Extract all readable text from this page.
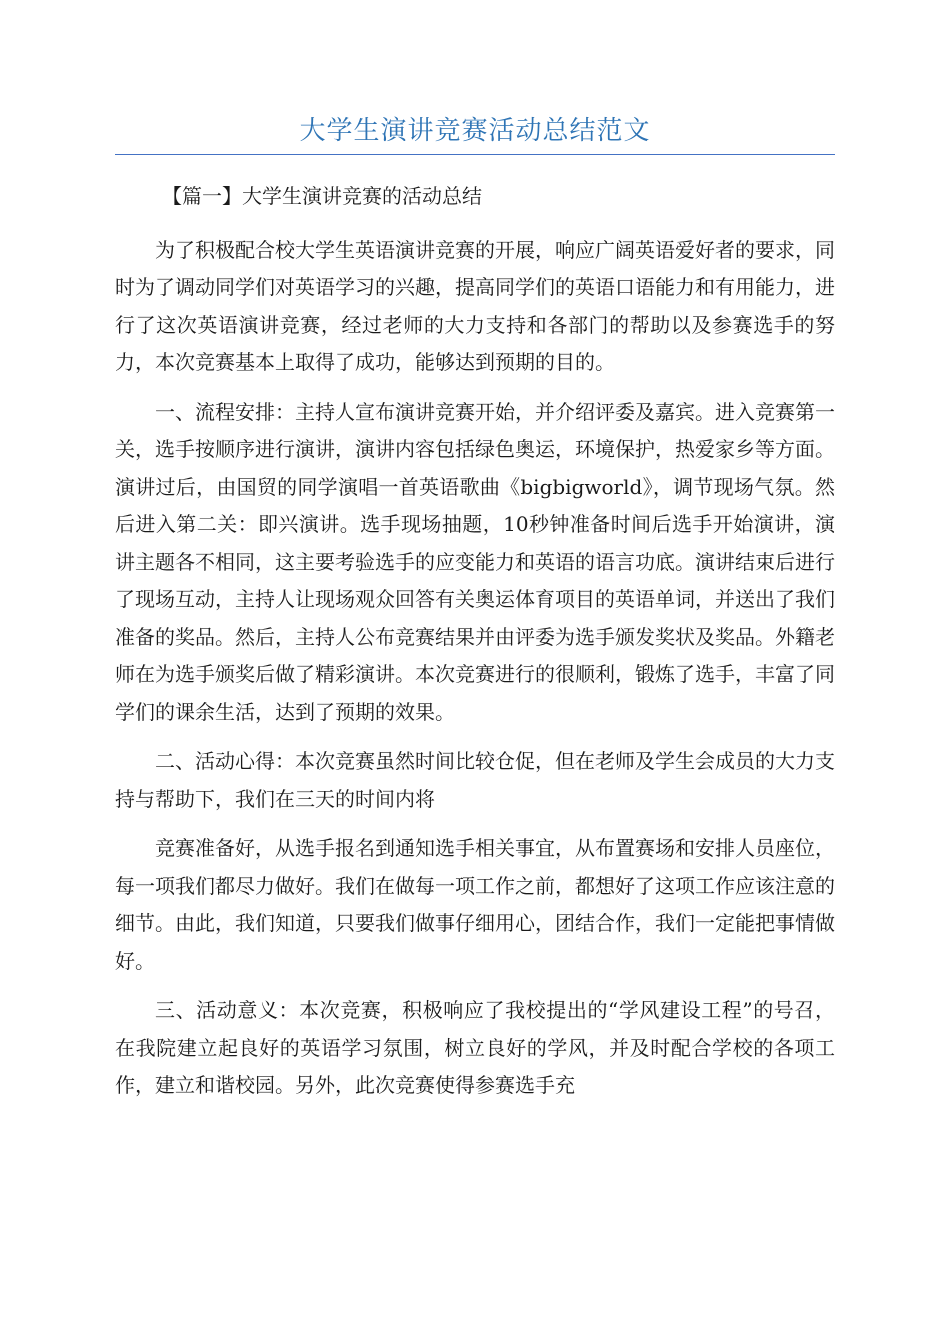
大学生演讲竞赛活动总结范文

【篇一】大学生演讲竞赛的活动总结

为了积极配合校大学生英语演讲竞赛的开展，响应广阔英语爱好者的要求，同时为了调动同学们对英语学习的兴趣，提高同学们的英语口语能力和有用能力，进行了这次英语演讲竞赛，经过老师的大力支持和各部门的帮助以及参赛选手的努力，本次竞赛基本上取得了成功，能够达到预期的目的。

一、流程安排：主持人宣布演讲竞赛开始，并介绍评委及嘉宾。进入竞赛第一关，选手按顺序进行演讲，演讲内容包括绿色奥运，环境保护，热爱家乡等方面。演讲过后，由国贸的同学演唱一首英语歌曲《bigbigworld》，调节现场气氛。然后进入第二关：即兴演讲。选手现场抽题，10秒钟准备时间后选手开始演讲，演讲主题各不相同，这主要考验选手的应变能力和英语的语言功底。演讲结束后进行了现场互动，主持人让现场观众回答有关奥运体育项目的英语单词，并送出了我们准备的奖品。然后，主持人公布竞赛结果并由评委为选手颁发奖状及奖品。外籍老师在为选手颁奖后做了精彩演讲。本次竞赛进行的很顺利，锻炼了选手，丰富了同学们的课余生活，达到了预期的效果。

二、活动心得：本次竞赛虽然时间比较仓促，但在老师及学生会成员的大力支持与帮助下，我们在三天的时间内将

竞赛准备好，从选手报名到通知选手相关事宜，从布置赛场和安排人员座位，每一项我们都尽力做好。我们在做每一项工作之前，都想好了这项工作应该注意的细节。由此，我们知道，只要我们做事仔细用心，团结合作，我们一定能把事情做好。

三、活动意义：本次竞赛，积极响应了我校提出的“学风建设工程”的号召，在我院建立起良好的英语学习氛围，树立良好的学风，并及时配合学校的各项工作，建立和谐校园。另外，此次竞赛使得参赛选手充
